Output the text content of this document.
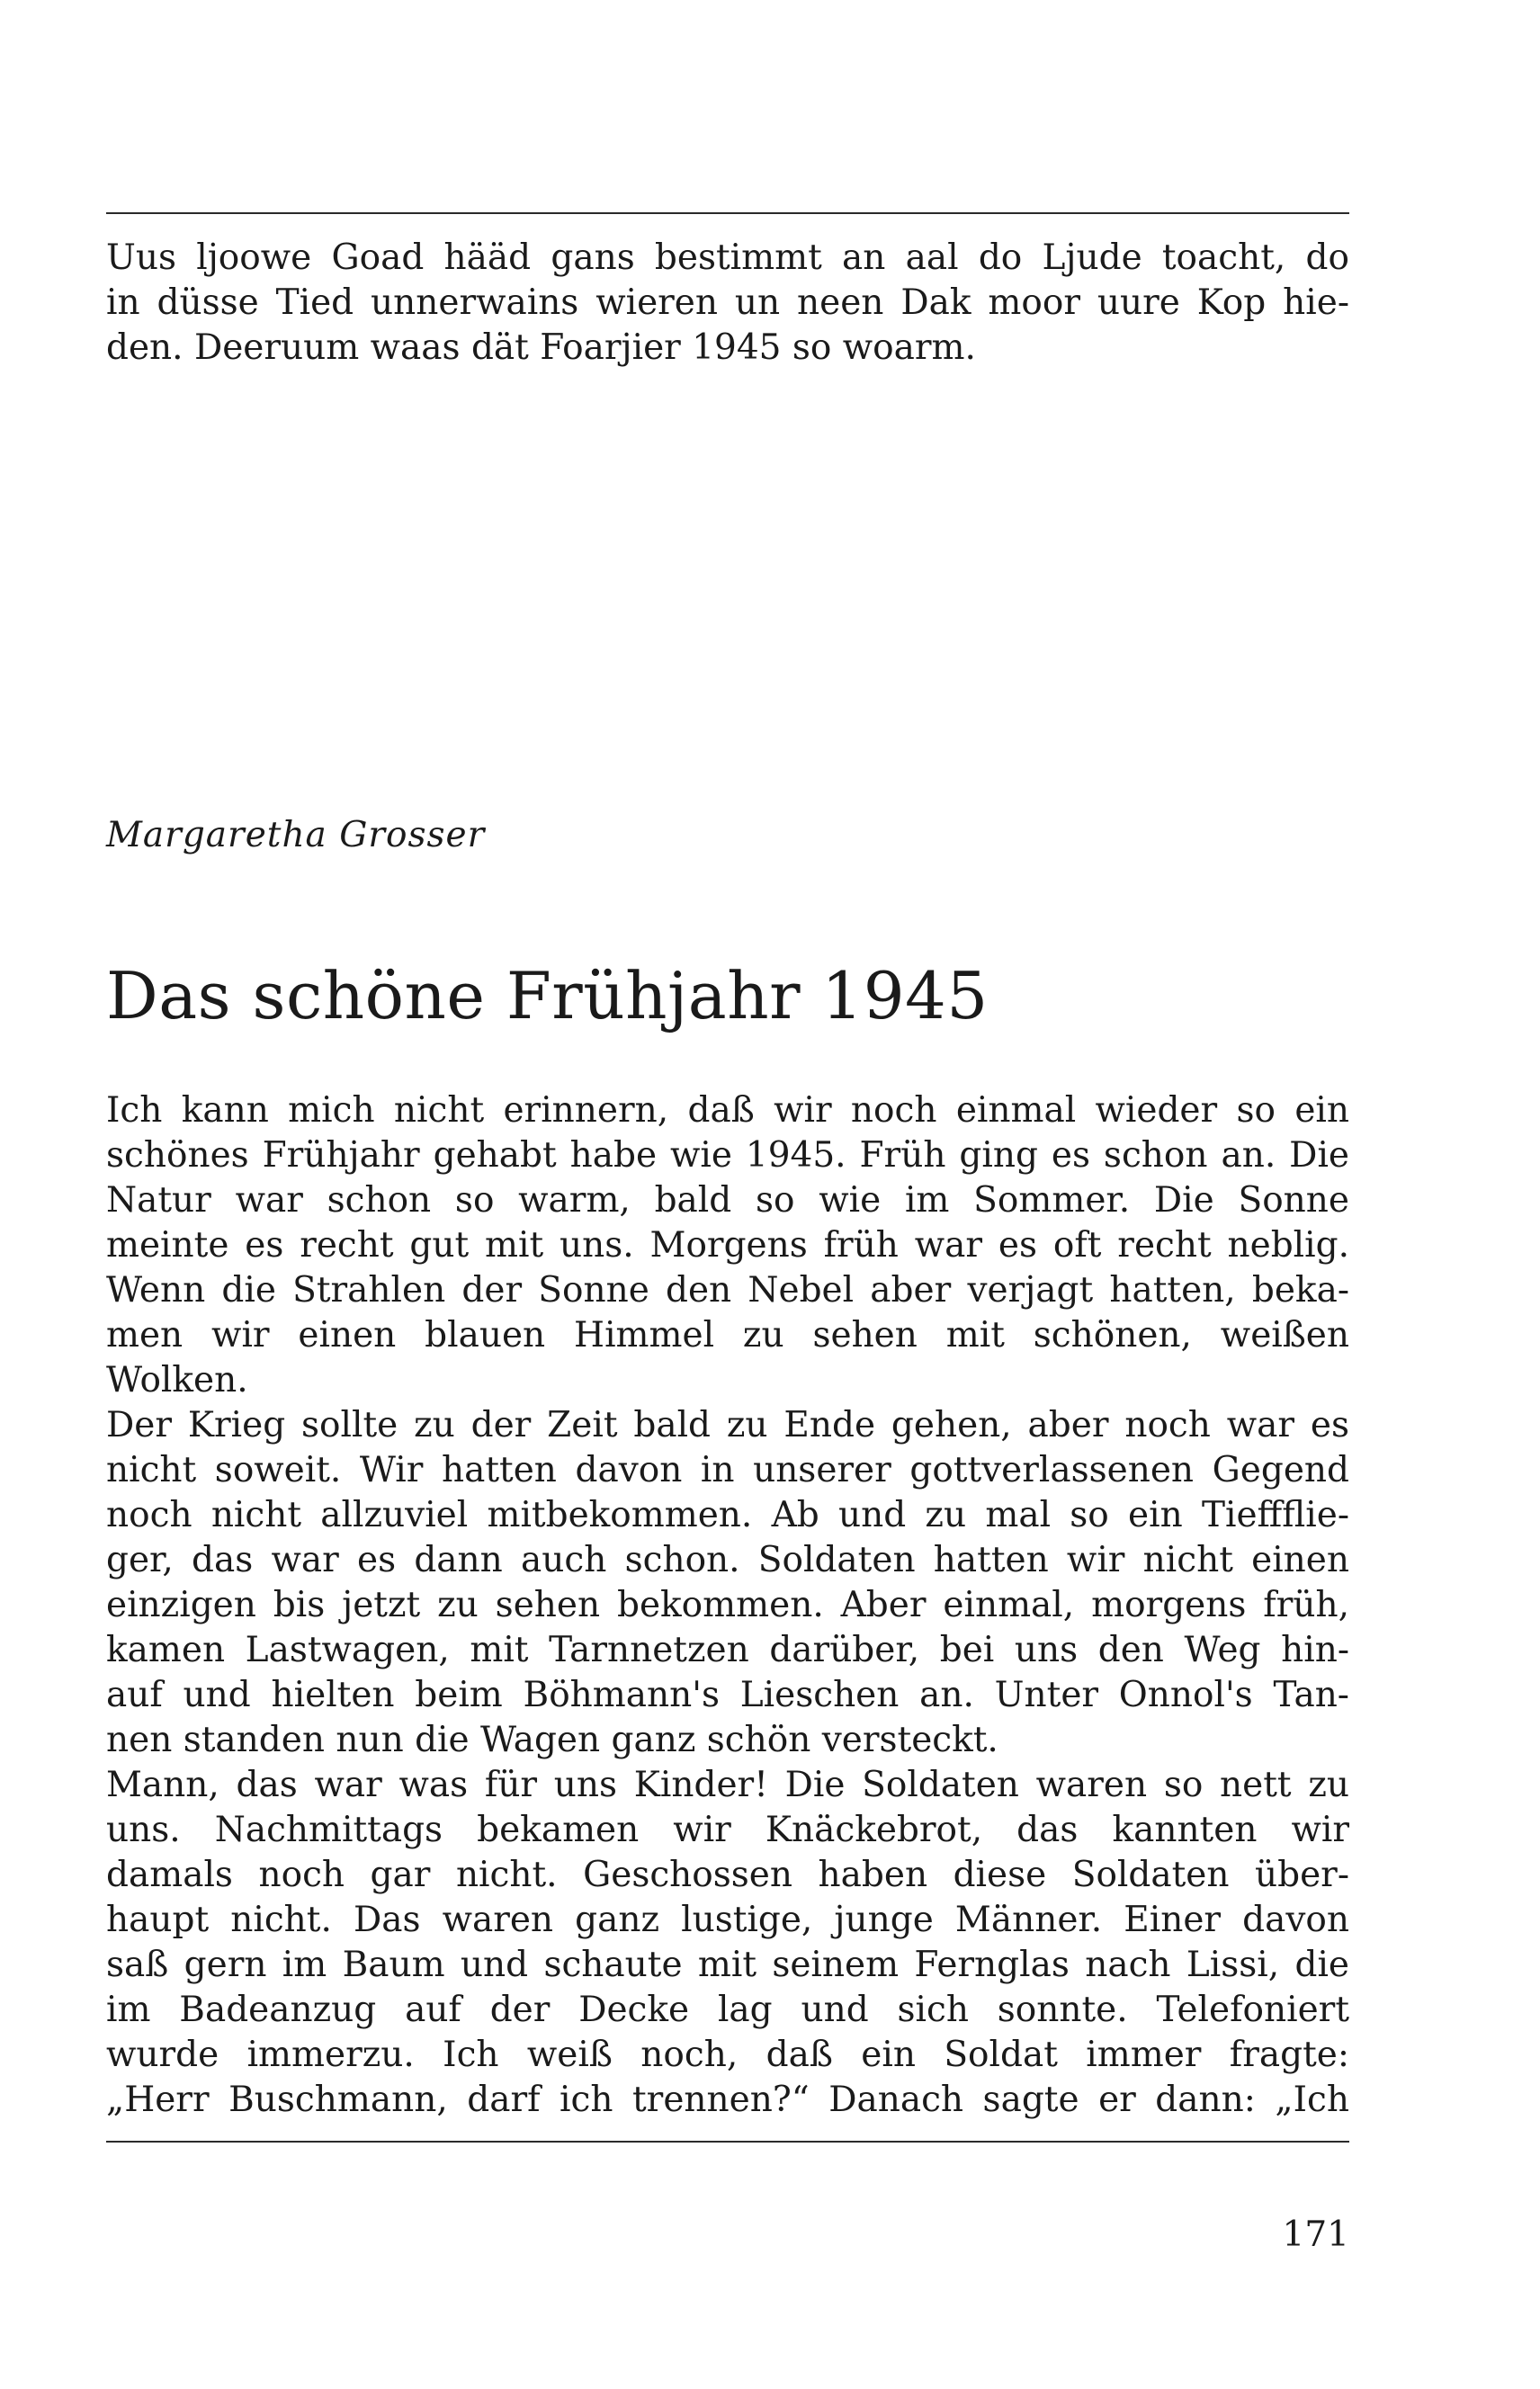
Uus ljoowe Goad hääd gans bestimmt an aal do Ljude toacht, do
in düsse Tied unnerwains wieren un neen Dak moor uure Kop hie-
den. Deeruum waas dät Foarjier 1945 so woarm.
Margaretha Grosser
Das schöne Frühjahr 1945
Ich kann mich nicht erinnern, daß wir noch einmal wieder so ein
schönes Frühjahr gehabt habe wie 1945. Früh ging es schon an. Die
Natur war schon so warm, bald so wie im Sommer. Die Sonne
meinte es recht gut mit uns. Morgens früh war es oft recht neblig.
Wenn die Strahlen der Sonne den Nebel aber verjagt hatten, beka-
men wir einen blauen Himmel zu sehen mit schönen, weißen
Wolken.
Der Krieg sollte zu der Zeit bald zu Ende gehen, aber noch war es
nicht soweit. Wir hatten davon in unserer gottverlassenen Gegend
noch nicht allzuviel mitbekommen. Ab und zu mal so ein Tieffflie-
ger, das war es dann auch schon. Soldaten hatten wir nicht einen
einzigen bis jetzt zu sehen bekommen. Aber einmal, morgens früh,
kamen Lastwagen, mit Tarnnetzen darüber, bei uns den Weg hin-
auf und hielten beim Böhmann's Lieschen an. Unter Onnol's Tan-
nen standen nun die Wagen ganz schön versteckt.
Mann, das war was für uns Kinder! Die Soldaten waren so nett zu
uns. Nachmittags bekamen wir Knäckebrot, das kannten wir
damals noch gar nicht. Geschossen haben diese Soldaten über-
haupt nicht. Das waren ganz lustige, junge Männer. Einer davon
saß gern im Baum und schaute mit seinem Fernglas nach Lissi, die
im Badeanzug auf der Decke lag und sich sonnte. Telefoniert
wurde immerzu. Ich weiß noch, daß ein Soldat immer fragte:
„Herr Buschmann, darf ich trennen?“ Danach sagte er dann: „Ich
171
